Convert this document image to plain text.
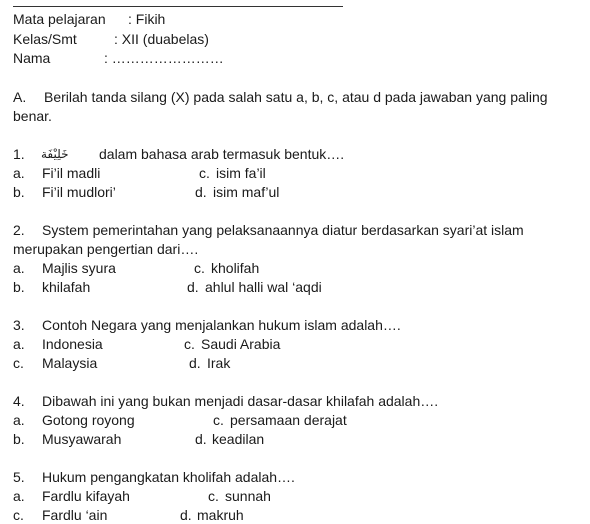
Mata pelajaran : Fikih
Kelas/Smt	: XII (duabelas)
Nama	: ……………………
A. Berilah tanda silang (X) pada salah satu a, b, c, atau d pada jawaban yang paling
benar.
1. خَلِيْفَة dalam bahasa arab termasuk bentuk….
a. Fi’il madli	c. isim fa’il
b. Fi’il mudlori’	d. isim maf’ul
2. System pemerintahan yang pelaksanaannya diatur berdasarkan syari’at islam
merupakan pengertian dari….
a. Majlis syura	c. kholifah
b. khilafah	d. ahlul halli wal ‘aqdi
3. Contoh Negara yang menjalankan hukum islam adalah….
a. Indonesia	c. Saudi Arabia
c. Malaysia	d. Irak
4. Dibawah ini yang bukan menjadi dasar-dasar khilafah adalah….
a. Gotong royong	c. persamaan derajat
b. Musyawarah	d. keadilan
5. Hukum pengangkatan kholifah adalah….
a. Fardlu kifayah	c. sunnah
c. Fardlu ‘ain	d. makruh
